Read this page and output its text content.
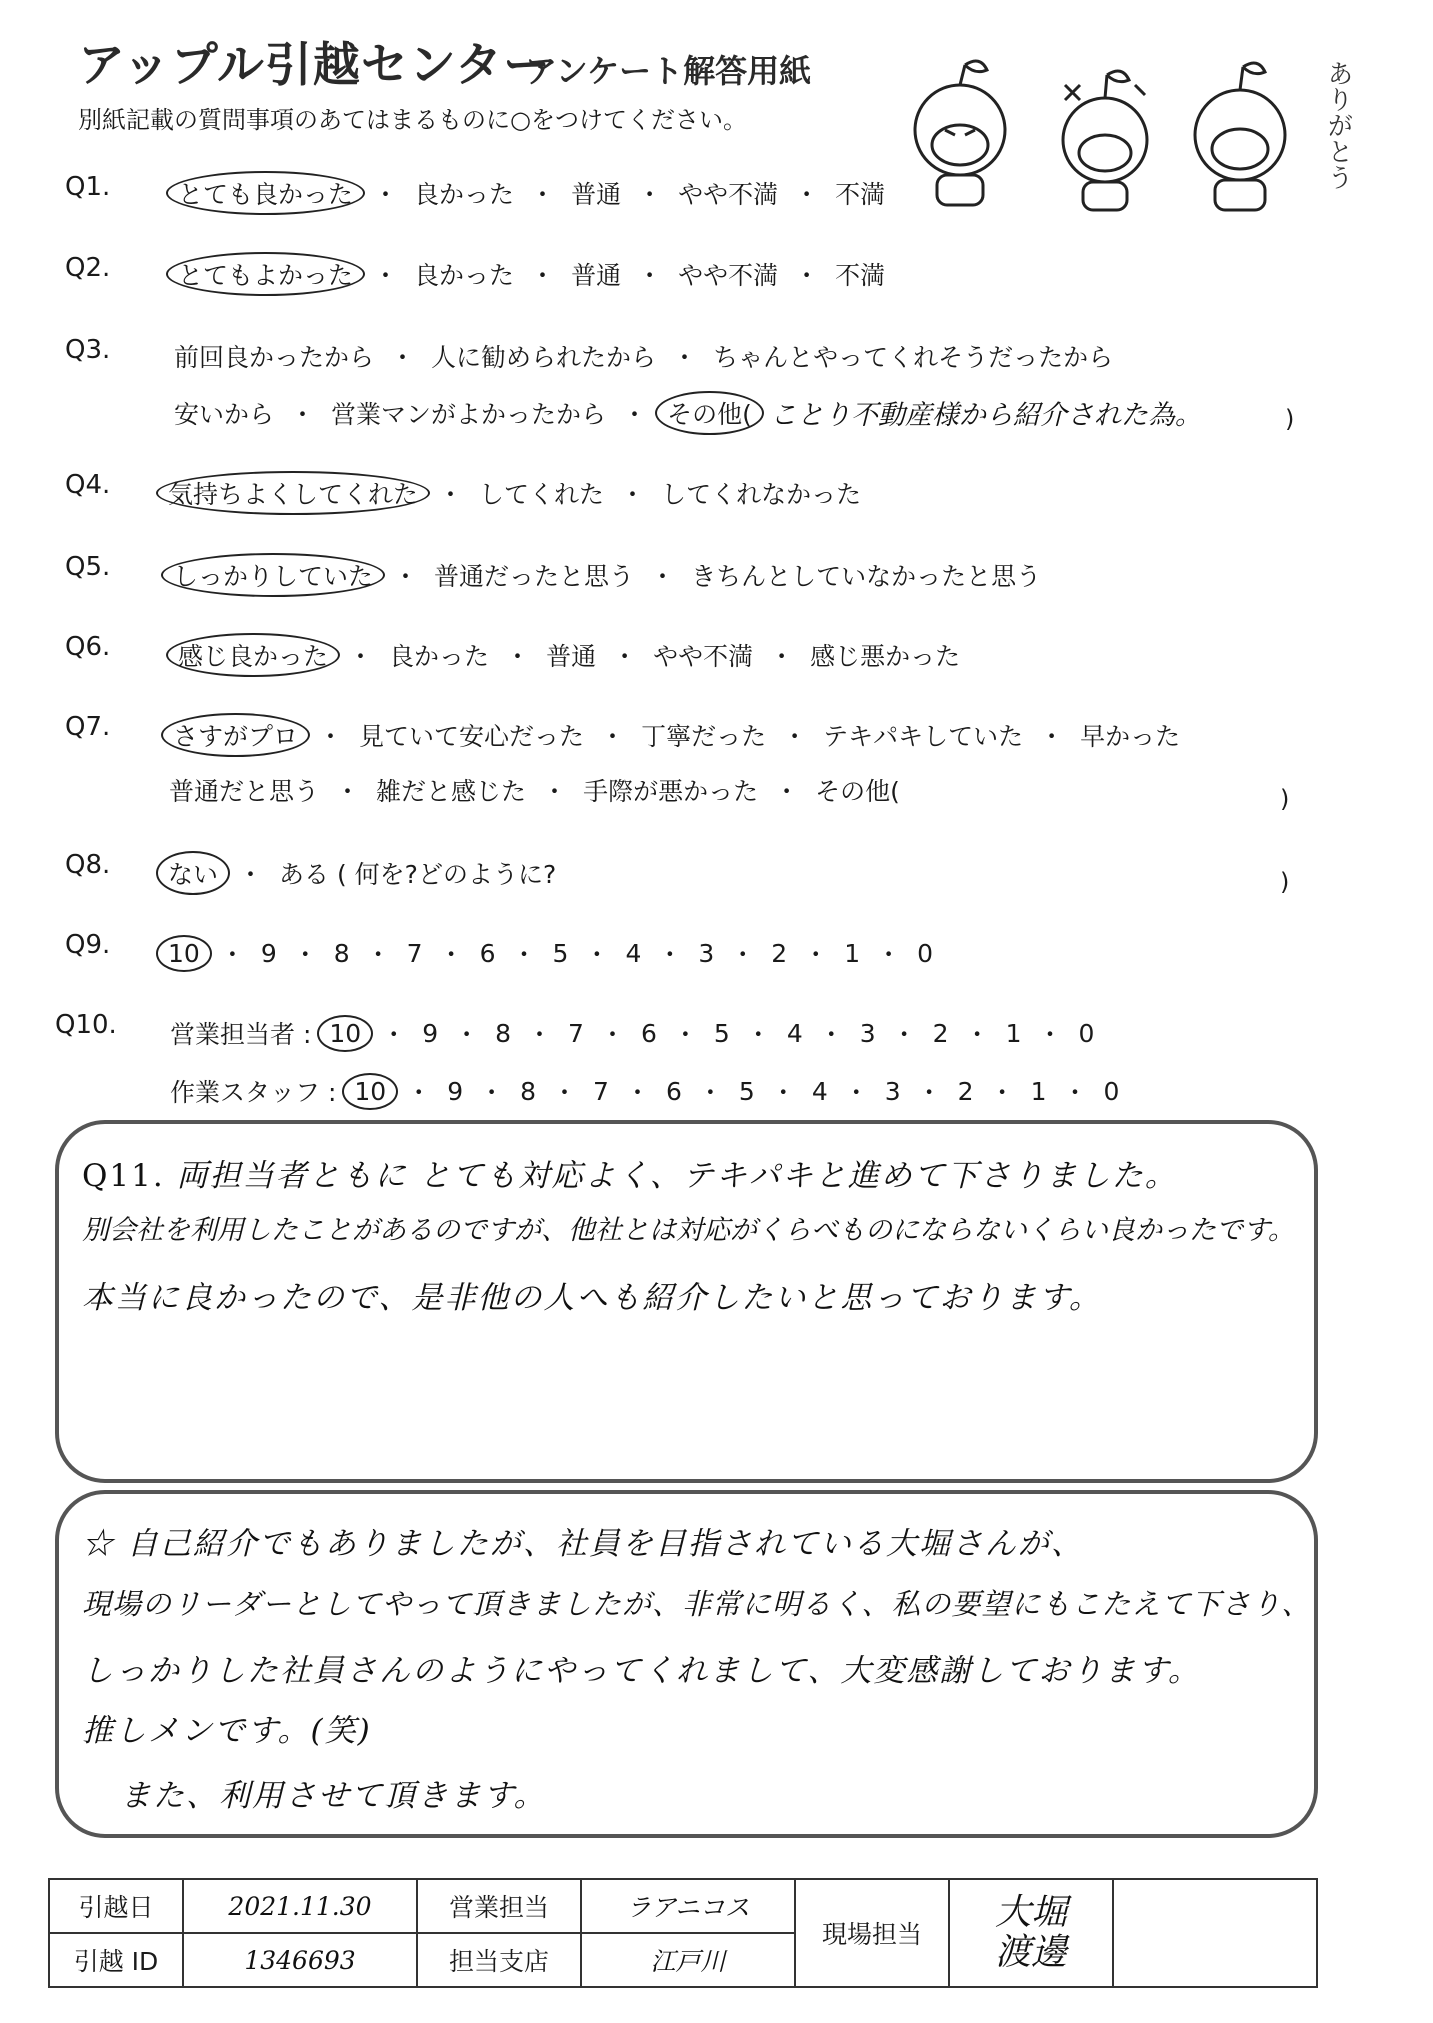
アップル引越センター
アンケート解答用紙
別紙記載の質問事項のあてはまるものに○をつけてください。	ありがとう
Q1.	とても良かった ・ 良かった ・ 普通 ・ やや不満 ・ 不満
Q2.	とてもよかった ・ 良かった ・ 普通 ・ やや不満 ・ 不満
Q3.	前回良かったから ・ 人に勧められたから ・ ちゃんとやってくれそうだったから
安いから ・ 営業マンがよかったから ・ その他( ことり不動産様から紹介された為。	)
Q4.	気持ちよくしてくれた ・ してくれた ・ してくれなかった
Q5.	しっかりしていた ・ 普通だったと思う ・ きちんとしていなかったと思う
Q6.	感じ良かった ・ 良かった ・ 普通 ・ やや不満 ・ 感じ悪かった
Q7.	さすがプロ ・ 見ていて安心だった ・ 丁寧だった ・ テキパキしていた ・ 早かった
普通だと思う ・ 雑だと感じた ・ 手際が悪かった ・ その他(	)
Q8.	ない ・ ある ( 何を?どのように?	)
Q9.	10 ・ 9 ・ 8 ・ 7 ・ 6 ・ 5 ・ 4 ・ 3 ・ 2 ・ 1 ・ 0
Q10. 営業担当者 : 10 ・ 9 ・ 8 ・ 7 ・ 6 ・ 5 ・ 4 ・ 3 ・ 2 ・ 1 ・ 0
作業スタッフ : 10 ・ 9 ・ 8 ・ 7 ・ 6 ・ 5 ・ 4 ・ 3 ・ 2 ・ 1 ・ 0
Q11. 両担当者ともに とても対応よく、テキパキと進めて下さりました。
別会社を利用したことがあるのですが、他社とは対応がくらべものにならないくらい良かったです。
本当に良かったので、是非他の人へも紹介したいと思っております。
☆ 自己紹介でもありましたが、社員を目指されている大堀さんが、
現場のリーダーとしてやって頂きましたが、非常に明るく、私の要望にもこたえて下さり、
しっかりした社員さんのようにやってくれまして、大変感謝しております。
推しメンです。(笑)
また、利用させて頂きます。
引越日	2021.11.30	営業担当	ラアニコス	現場担当	大堀
渡邊	

引越 ID	1346693	担当支店	江戸川			
